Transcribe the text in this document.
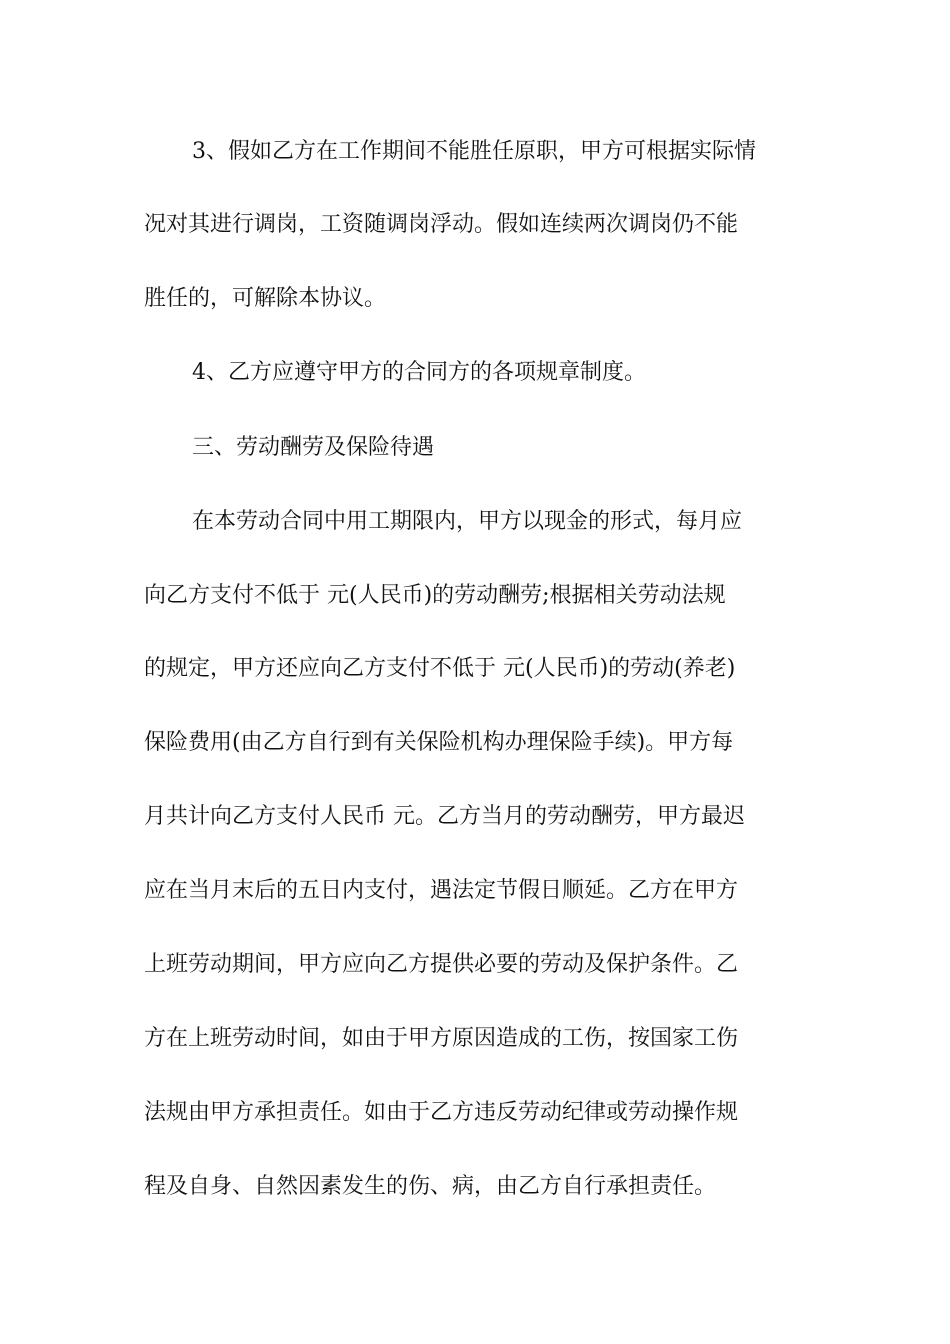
3、假如乙方在工作期间不能胜任原职，甲方可根据实际情
况对其进行调岗，工资随调岗浮动。假如连续两次调岗仍不能
胜任的，可解除本协议。
4、乙方应遵守甲方的合同方的各项规章制度。
三、劳动酬劳及保险待遇
在本劳动合同中用工期限内，甲方以现金的形式，每月应
向乙方支付不低于 元(人民币)的劳动酬劳;根据相关劳动法规
的规定，甲方还应向乙方支付不低于 元(人民币)的劳动(养老)
保险费用(由乙方自行到有关保险机构办理保险手续)。甲方每
月共计向乙方支付人民币 元。乙方当月的劳动酬劳，甲方最迟
应在当月末后的五日内支付，遇法定节假日顺延。乙方在甲方
上班劳动期间，甲方应向乙方提供必要的劳动及保护条件。乙
方在上班劳动时间，如由于甲方原因造成的工伤，按国家工伤
法规由甲方承担责任。如由于乙方违反劳动纪律或劳动操作规
程及自身、自然因素发生的伤、病，由乙方自行承担责任。
